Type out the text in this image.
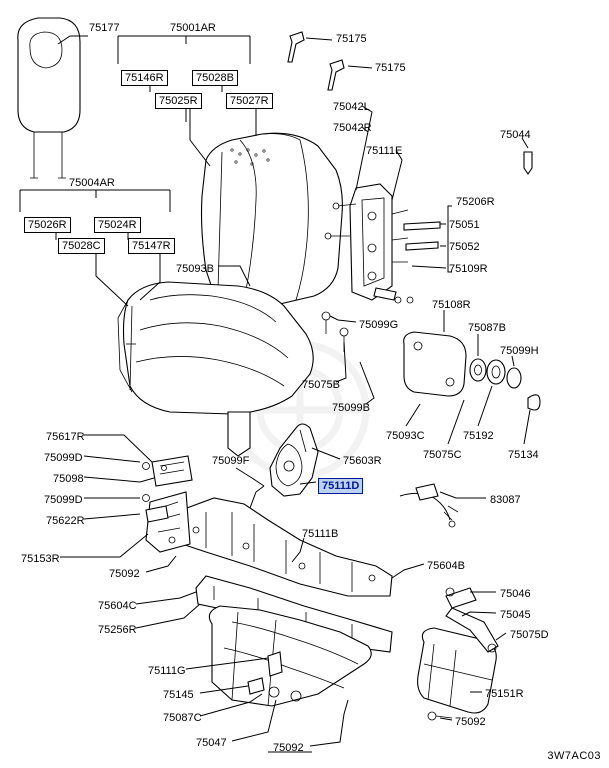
75177	75001AR
75175
75146R	75028B
75175
75025R	75027R	75042L
75044
75042R
75111E
75004AR
75206R
75026R	75024R	75051
75028C	75147R	75052
75109R
75093B
75108R
75087B
75099G
75099H
75075B
75099B
75093C	75192
75617R
75099D	75099F	75603R	75075C	75134
75098
75111D
75099D	83087
75622R
75111B
75153R
75092
75604B
75604C
75046
75045
75256R	75075D
75111G
75145	75151R
75087C	75092
75047	75092
3W7AC03
